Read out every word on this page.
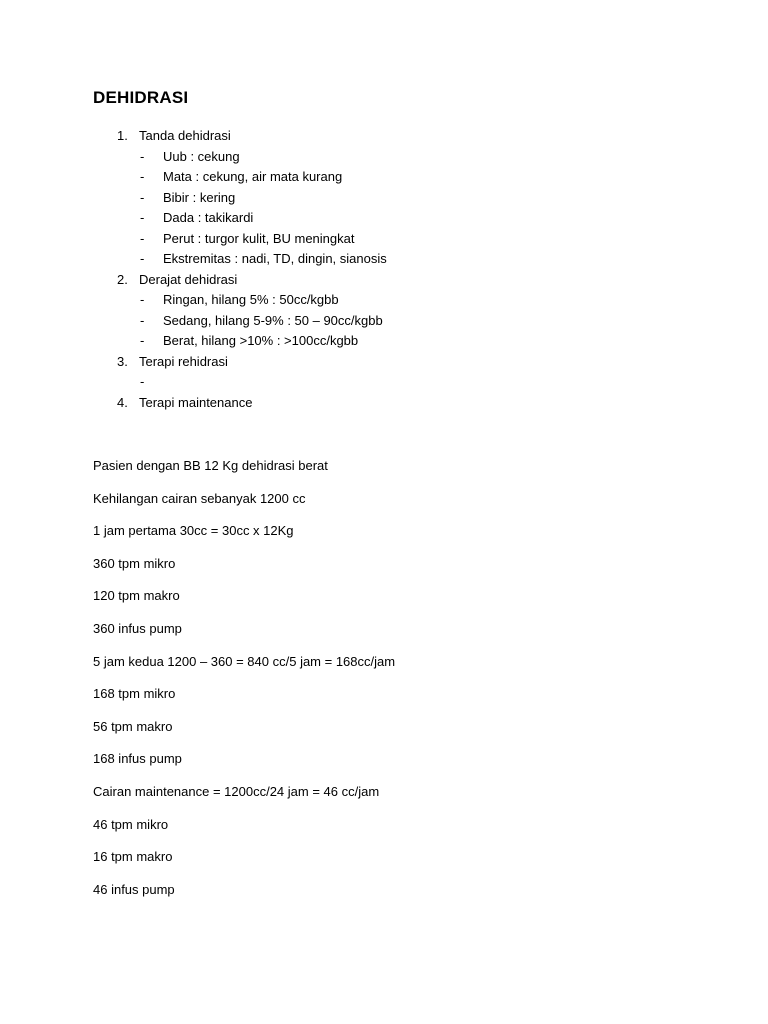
DEHIDRASI
1. Tanda dehidrasi
- Uub : cekung
- Mata : cekung, air mata kurang
- Bibir : kering
- Dada : takikardi
- Perut : turgor kulit, BU meningkat
- Ekstremitas : nadi, TD, dingin, sianosis
2. Derajat dehidrasi
- Ringan, hilang 5% : 50cc/kgbb
- Sedang, hilang 5-9% : 50 – 90cc/kgbb
- Berat, hilang >10% : >100cc/kgbb
3. Terapi rehidrasi
-
4. Terapi maintenance
Pasien dengan BB 12 Kg dehidrasi berat
Kehilangan cairan sebanyak 1200 cc
1 jam pertama 30cc = 30cc x 12Kg
360 tpm mikro
120 tpm makro
360 infus pump
5 jam kedua 1200 – 360 = 840 cc/5 jam = 168cc/jam
168 tpm mikro
56 tpm makro
168 infus pump
Cairan maintenance = 1200cc/24 jam = 46 cc/jam
46 tpm mikro
16 tpm makro
46 infus pump
